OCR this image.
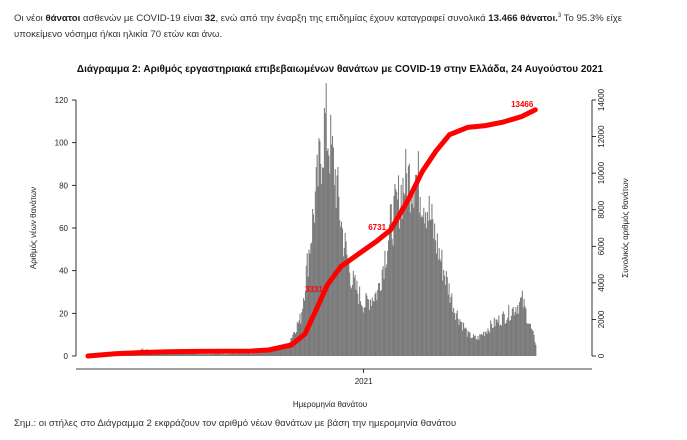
Οι νέοι θάνατοι ασθενών με COVID-19 είναι 32, ενώ από την έναρξη της επιδημίας έχουν καταγραφεί συνολικά 13.466 θάνατοι.$^3$ Το 95.3% είχε
υποκείμενο νόσημα ή/και ηλικία 70 ετών και άνω.
Διάγραμμα 2: Αριθμός εργαστηριακά επιβεβαιωμένων θανάτων με COVID-19 στην Ελλάδα, 24 Αυγούστου 2021
0
20
40
60
80
100
120
0
2000
4000
6000
8000
10000
12000
14000
2021
Ημερομηνία θανάτου
Αριθμός νέων θανάτων	Συνολικός αριθμός θανάτων
13466
6731
3331
Σημ.: οι στήλες στο Διάγραμμα 2 εκφράζουν τον αριθμό νέων θανάτων με βάση την ημερομηνία θανάτου
